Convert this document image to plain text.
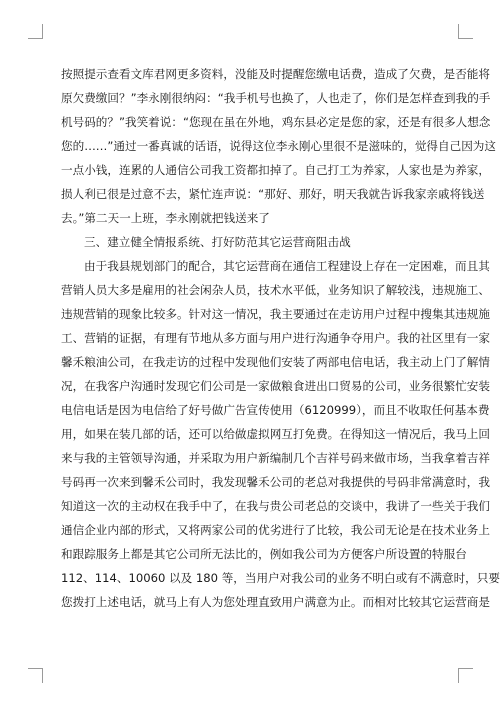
按照提示查看文库君网更多资料，没能及时提醒您缴电话费，造成了欠费，是否能将
原欠费缴回？”李永刚很纳闷：“我手机号也换了，人也走了，你们是怎样查到我的手
机号码的？”我笑着说：“您现在虽在外地，鸡东县必定是您的家，还是有很多人想念
您的……”通过一番真诚的话语，说得这位李永刚心里很不是滋味的，觉得自己因为这
一点小钱，连累的人通信公司我工资都扣掉了。自己打工为养家，人家也是为养家，
损人利已很是过意不去，紧忙连声说：“那好、那好，明天我就告诉我家亲戚将钱送
去。”第二天一上班，李永刚就把钱送来了
三、建立健全情报系统、打好防范其它运营商阻击战
由于我县规划部门的配合，其它运营商在通信工程建设上存在一定困难，而且其
营销人员大多是雇用的社会闲杂人员，技术水平低，业务知识了解较浅，违规施工、
违规营销的现象比较多。针对这一情况，我主要通过在走访用户过程中搜集其违规施
工、营销的证据，有理有节地从多方面与用户进行沟通争夺用户。我的社区里有一家
馨禾粮油公司，在我走访的过程中发现他们安装了两部电信电话，我主动上门了解情
况，在我客户沟通时发现它们公司是一家做粮食进出口贸易的公司，业务很繁忙安装
电信电话是因为电信给了好号做广告宣传使用（6120999），而且不收取任何基本费
用，如果在装几部的话，还可以给做虚拟网互打免费。在得知这一情况后，我马上回
来与我的主管领导沟通，并采取为用户新编制几个吉祥号码来做市场，当我拿着吉祥
号码再一次来到馨禾公司时，我发现馨禾公司的老总对我提供的号码非常满意时，我
知道这一次的主动权在我手中了，在我与贵公司老总的交谈中，我讲了一些关于我们
通信企业内部的形式，又将两家公司的优劣进行了比较，我公司无论是在技术业务上
和跟踪服务上都是其它公司所无法比的，例如我公司为方便客户所设置的特服台
112、114、10060 以及 180 等，当用户对我公司的业务不明白或有不满意时，只要
您拨打上述电话，就马上有人为您处理直致用户满意为止。而相对比较其它运营商是
